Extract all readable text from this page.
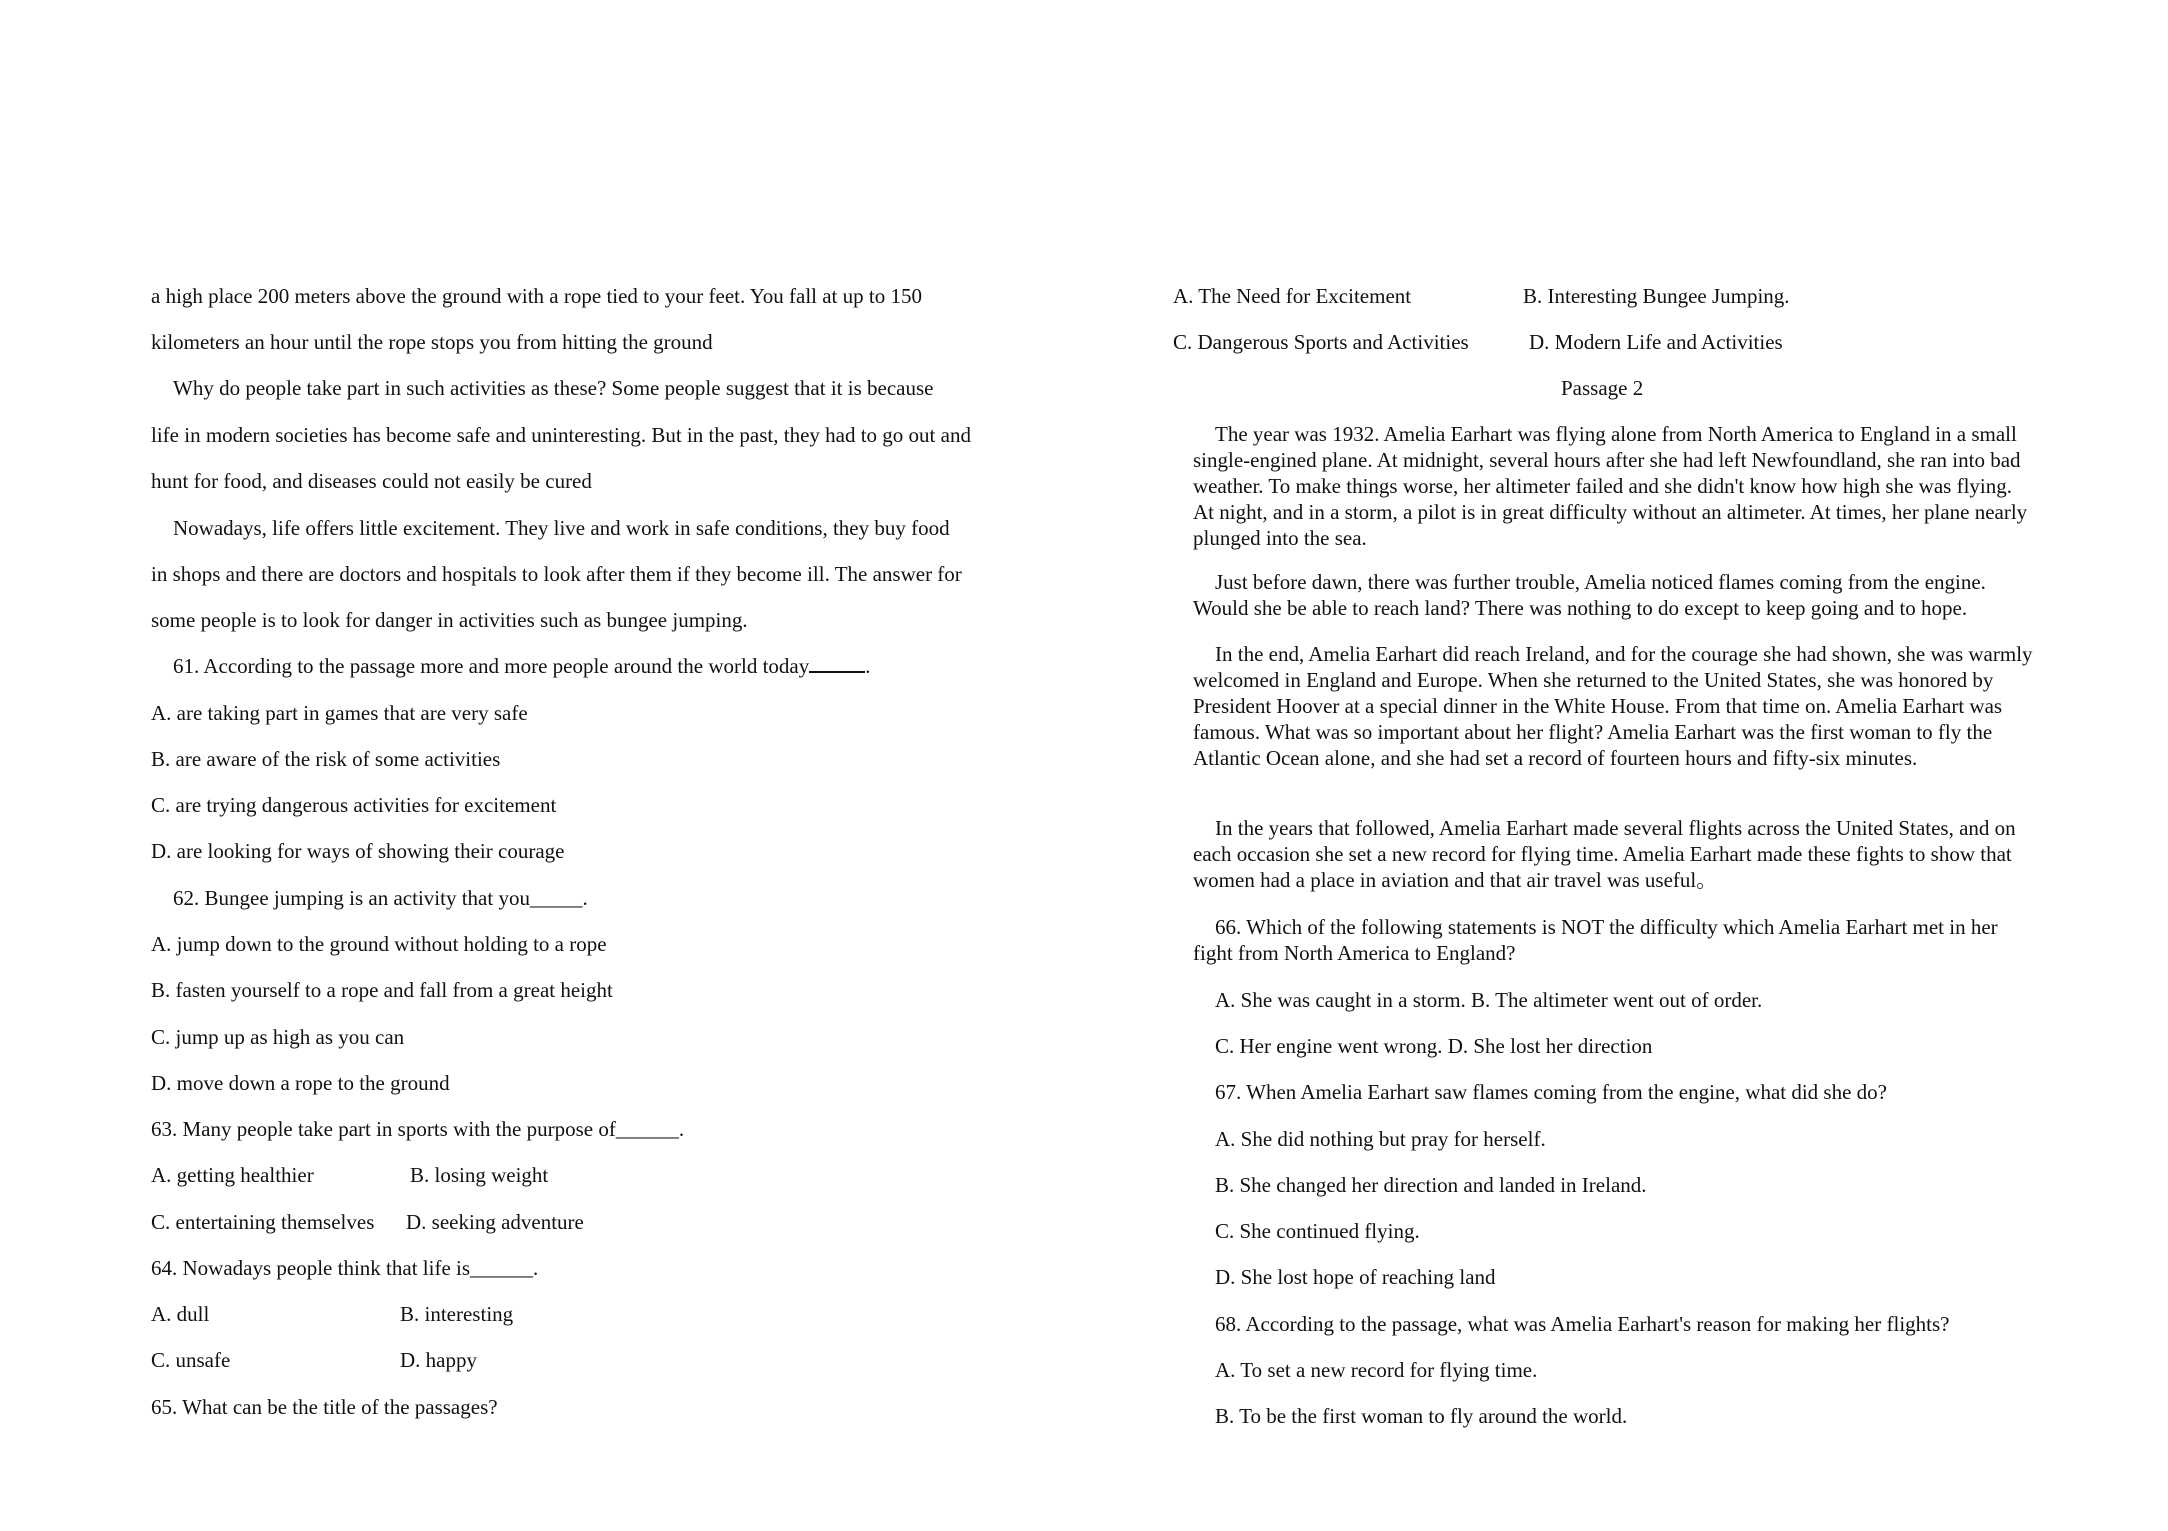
a high place 200 meters above the ground with a rope tied to your feet. You fall at up to 150
kilometers an hour until the rope stops you from hitting the ground
Why do people take part in such activities as these? Some people suggest that it is because
life in modern societies has become safe and uninteresting. But in the past, they had to go out and
hunt for food, and diseases could not easily be cured
Nowadays, life offers little excitement. They live and work in safe conditions, they buy food
in shops and there are doctors and hospitals to look after them if they become ill. The answer for
some people is to look for danger in activities such as bungee jumping.
61. According to the passage more and more people around the world today	.
A. are taking part in games that are very safe
B. are aware of the risk of some activities
C. are trying dangerous activities for excitement
D. are looking for ways of showing their courage
62. Bungee jumping is an activity that you_____.
A. jump down to the ground without holding to a rope
B. fasten yourself to a rope and fall from a great height
C. jump up as high as you can
D. move down a rope to the ground
63. Many people take part in sports with the purpose of______.
A. getting healthier	B. losing weight
C. entertaining themselves D. seeking adventure
64. Nowadays people think that life is______.
A. dull	B. interesting
C. unsafe	D. happy
65. What can be the title of the passages?
A. The Need for Excitement	B. Interesting Bungee Jumping.
C. Dangerous Sports and Activities	D. Modern Life and Activities
Passage 2
The year was 1932. Amelia Earhart was flying alone from North America to England in a small single-engined plane. At midnight, several hours after she had left Newfoundland, she ran into bad weather. To make things worse, her altimeter failed and she didn't know how high she was flying. At night, and in a storm, a pilot is in great difficulty without an altimeter. At times, her plane nearly plunged into the sea.
Just before dawn, there was further trouble, Amelia noticed flames coming from the engine. Would she be able to reach land? There was nothing to do except to keep going and to hope.
In the end, Amelia Earhart did reach Ireland, and for the courage she had shown, she was warmly welcomed in England and Europe. When she returned to the United States, she was honored by President Hoover at a special dinner in the White House. From that time on. Amelia Earhart was famous. What was so important about her flight? Amelia Earhart was the first woman to fly the Atlantic Ocean alone, and she had set a record of fourteen hours and fifty-six minutes.
In the years that followed, Amelia Earhart made several flights across the United States, and on each occasion she set a new record for flying time. Amelia Earhart made these fights to show that women had a place in aviation and that air travel was useful。
66. Which of the following statements is NOT the difficulty which Amelia Earhart met in her fight from North America to England?
A. She was caught in a storm. B. The altimeter went out of order.
C. Her engine went wrong. D. She lost her direction
67. When Amelia Earhart saw flames coming from the engine, what did she do?
A. She did nothing but pray for herself.
B. She changed her direction and landed in Ireland.
C. She continued flying.
D. She lost hope of reaching land
68. According to the passage, what was Amelia Earhart's reason for making her flights?
A. To set a new record for flying time.
B. To be the first woman to fly around the world.
